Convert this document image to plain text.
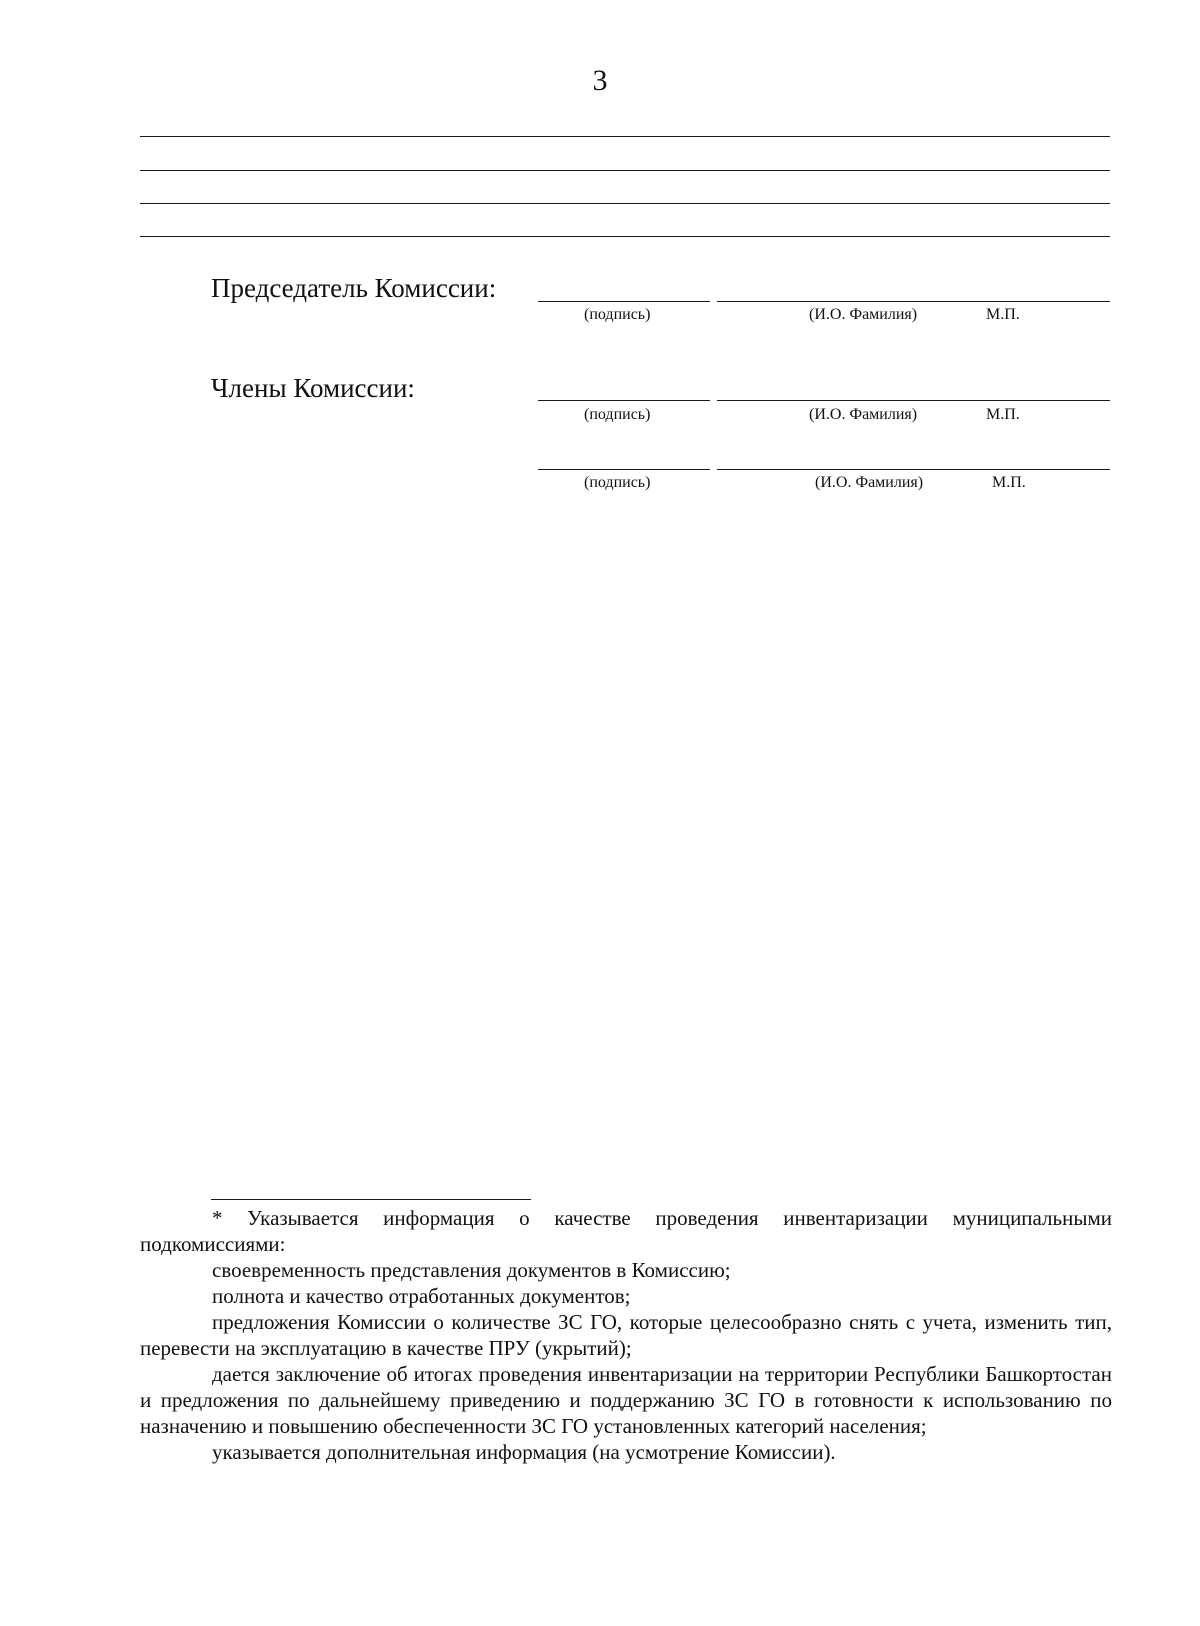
3
Председатель Комиссии:
(подпись)	(И.О. Фамилия)	М.П.
Члены Комиссии:
(подпись)	(И.О. Фамилия)	М.П.
(подпись)	(И.О. Фамилия)	М.П.

* Указывается информация о качестве проведения инвентаризации муниципальными подкомиссиями:

своевременность представления документов в Комиссию;

полнота и качество отработанных документов;

предложения Комиссии о количестве ЗС ГО, которые целесообразно снять с учета, изменить тип, перевести на эксплуатацию в качестве ПРУ (укрытий);

дается заключение об итогах проведения инвентаризации на территории Республики Башкортостан и предложения по дальнейшему приведению и поддержанию ЗС ГО в готовности к использованию по назначению и повышению обеспеченности ЗС ГО установленных категорий населения;

указывается дополнительная информация (на усмотрение Комиссии).
